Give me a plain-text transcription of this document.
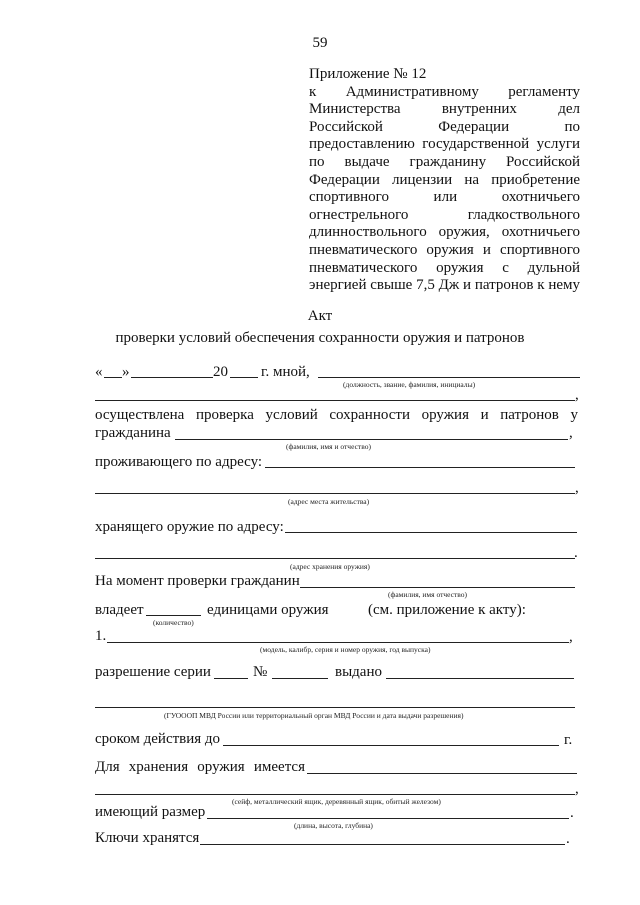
59
Приложение № 12
к Административному регламенту
Министерства внутренних дел
Российской Федерации по
предоставлению государственной услуги
по выдаче гражданину Российской
Федерации лицензии на приобретение
спортивного или охотничьего
огнестрельного гладкоствольного
длинноствольного оружия, охотничьего
пневматического оружия и спортивного
пневматического оружия с дульной
энергией свыше 7,5 Дж и патронов к нему
Акт
проверки условий обеспечения сохранности оружия и патронов
« »	20 г. мной,
(должность, звание, фамилия, инициалы)
,
осуществлена проверка условий сохранности оружия и патронов у
гражданина	,
(фамилия, имя и отчество)
проживающего по адресу:
,
(адрес места жительства)
хранящего оружие по адресу:
.
(адрес хранения оружия)
На момент проверки гражданин
(фамилия, имя отчество)
владеет	единицами оружия	(см. приложение к акту):
(количество)
1.	,
(модель, калибр, серия и номер оружия, год выпуска)
разрешение серии	№	выдано
(ГУОООП МВД России или территориальный орган МВД России и дата выдачи разрешения)
сроком действия до	г.
Для хранения оружия имеется
,
(сейф, металлический ящик, деревянный ящик, обитый железом)
имеющий размер	.
(длина, высота, глубина)
Ключи хранятся	.
